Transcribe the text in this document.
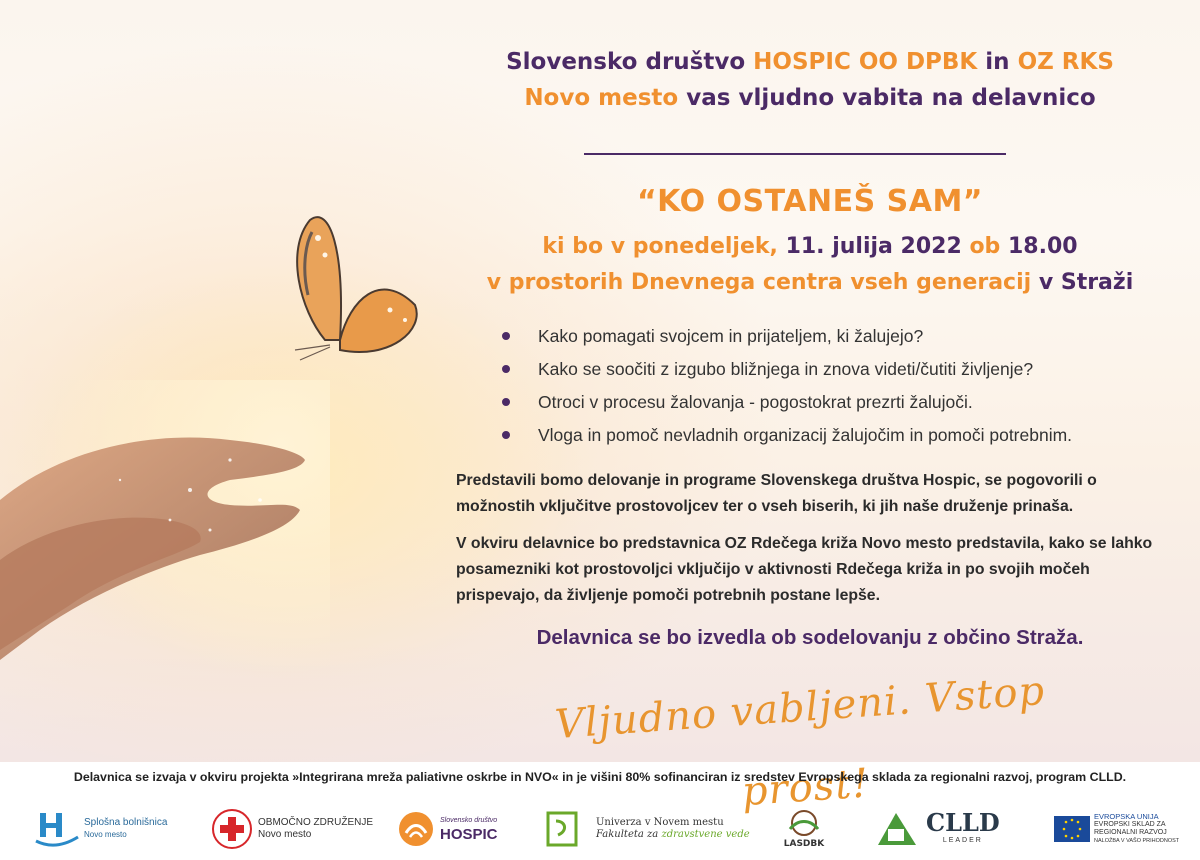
Slovensko društvo HOSPIC OO DPBK in OZ RKS
Novo mesto vas vljudno vabita na delavnico
“KO OSTANEŠ SAM”
ki bo v ponedeljek, 11. julija 2022 ob 18.00
v prostorih Dnevnega centra vseh generacij v Straži
Kako pomagati svojcem in prijateljem, ki žalujejo?
Kako se soočiti z izgubo bližnjega in znova videti/čutiti življenje?
Otroci v procesu žalovanja - pogostokrat prezrti žalujoči.
Vloga in pomoč nevladnih organizacij žalujočim in pomoči potrebnim.
Predstavili bomo delovanje in programe Slovenskega društva Hospic, se pogovorili o možnostih vključitve prostovoljcev ter o vseh biserih, ki jih naše druženje prinaša.
V okviru delavnice bo predstavnica OZ Rdečega križa Novo mesto predstavila, kako se lahko posamezniki kot prostovoljci vključijo v aktivnosti Rdečega križa in po svojih močeh prispevajo, da življenje pomoči potrebnih postane lepše.
Delavnica se bo izvedla ob sodelovanju z občino Straža.
Vljudno vabljeni. Vstop prost!
Delavnica se izvaja v okviru projekta »Integrirana mreža paliativne oskrbe in NVO« in je višini 80% sofinanciran iz sredstev Evropskega sklada za regionalni razvoj, program CLLD.
Splošna bolnišnica
Novo mesto
OBMOČNO ZDRUŽENJE
Novo mesto
Slovensko društvo
HOSPIC
Univerza v Novem mestu
Fakulteta za zdravstvene vede
LASDBK
CLLD
LEADER
EVROPSKA UNIJA
EVROPSKI SKLAD ZA
REGIONALNI RAZVOJ
NALOŽBA V VAŠO PRIHODNOST
